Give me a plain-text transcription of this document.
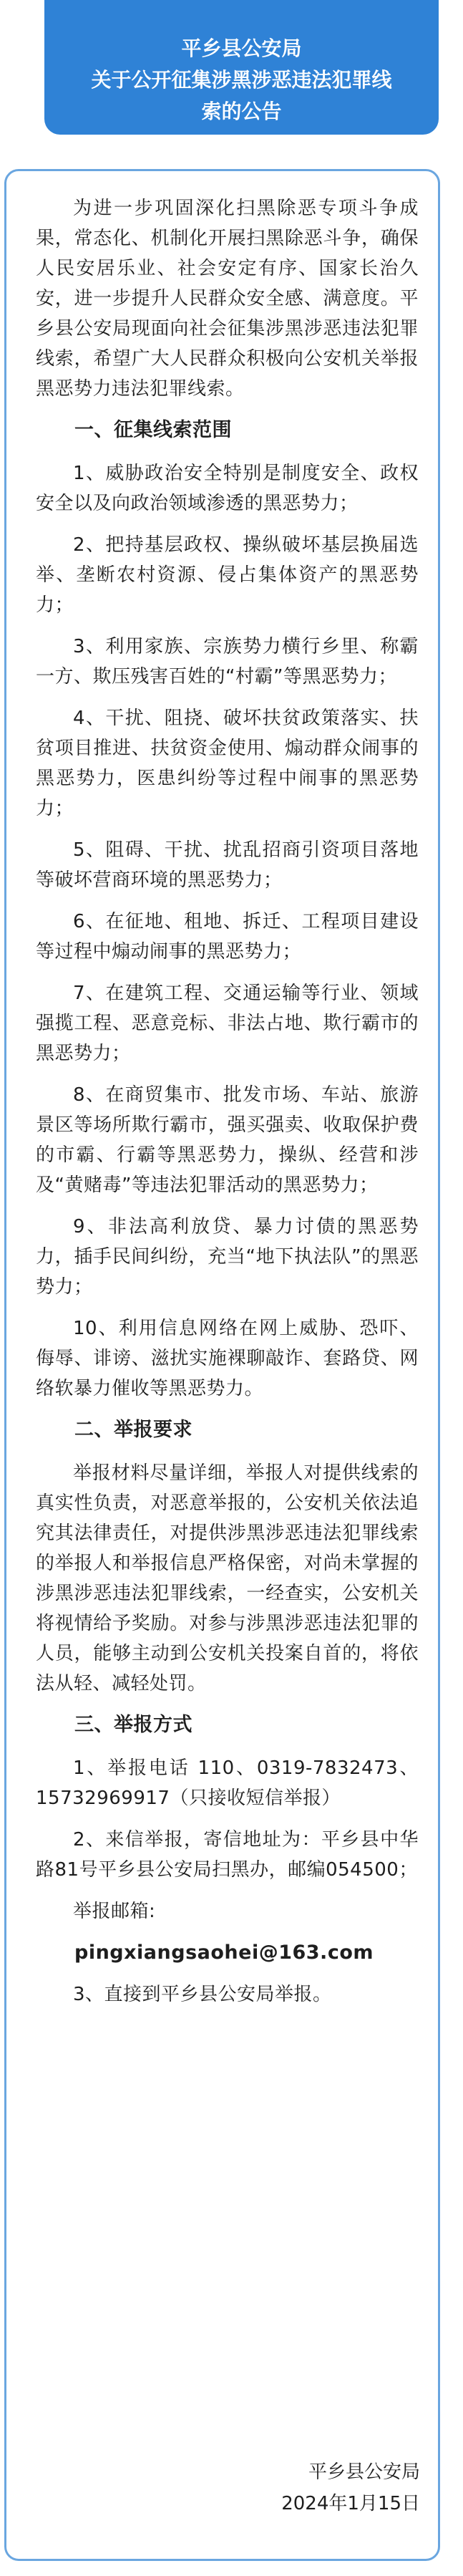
平乡县公安局
关于公开征集涉黑涉恶违法犯罪线
索的公告

为进一步巩固深化扫黑除恶专项斗争成果，常态化、机制化开展扫黑除恶斗争，确保人民安居乐业、社会安定有序、国家长治久安，进一步提升人民群众安全感、满意度。平乡县公安局现面向社会征集涉黑涉恶违法犯罪线索，希望广大人民群众积极向公安机关举报黑恶势力违法犯罪线索。

一、征集线索范围

1、威胁政治安全特别是制度安全、政权安全以及向政治领域渗透的黑恶势力；

2、把持基层政权、操纵破坏基层换届选举、垄断农村资源、侵占集体资产的黑恶势力；

3、利用家族、宗族势力横行乡里、称霸一方、欺压残害百姓的“村霸”等黑恶势力；

4、干扰、阻挠、破坏扶贫政策落实、扶贫项目推进、扶贫资金使用、煽动群众闹事的黑恶势力，医患纠纷等过程中闹事的黑恶势力；

5、阻碍、干扰、扰乱招商引资项目落地等破坏营商环境的黑恶势力；

6、在征地、租地、拆迁、工程项目建设等过程中煽动闹事的黑恶势力；

7、在建筑工程、交通运输等行业、领域强揽工程、恶意竞标、非法占地、欺行霸市的黑恶势力；

8、在商贸集市、批发市场、车站、旅游景区等场所欺行霸市，强买强卖、收取保护费的市霸、行霸等黑恶势力，操纵、经营和涉及“黄赌毒”等违法犯罪活动的黑恶势力；

9、非法高利放贷、暴力讨债的黑恶势力，插手民间纠纷，充当“地下执法队”的黑恶势力；

10、利用信息网络在网上威胁、恐吓、侮辱、诽谤、滋扰实施裸聊敲诈、套路贷、网络软暴力催收等黑恶势力。

二、举报要求

举报材料尽量详细，举报人对提供线索的真实性负责，对恶意举报的，公安机关依法追究其法律责任，对提供涉黑涉恶违法犯罪线索的举报人和举报信息严格保密，对尚未掌握的涉黑涉恶违法犯罪线索，一经查实，公安机关将视情给予奖励。对参与涉黑涉恶违法犯罪的人员，能够主动到公安机关投案自首的，将依法从轻、减轻处罚。

三、举报方式

1、举报电话 110、0319-7832473、15732969917（只接收短信举报）

2、来信举报，寄信地址为：平乡县中华路81号平乡县公安局扫黑办，邮编054500；

举报邮箱:

pingxiangsaohei@163.com

3、直接到平乡县公安局举报。

平乡县公安局
2024年1月15日
